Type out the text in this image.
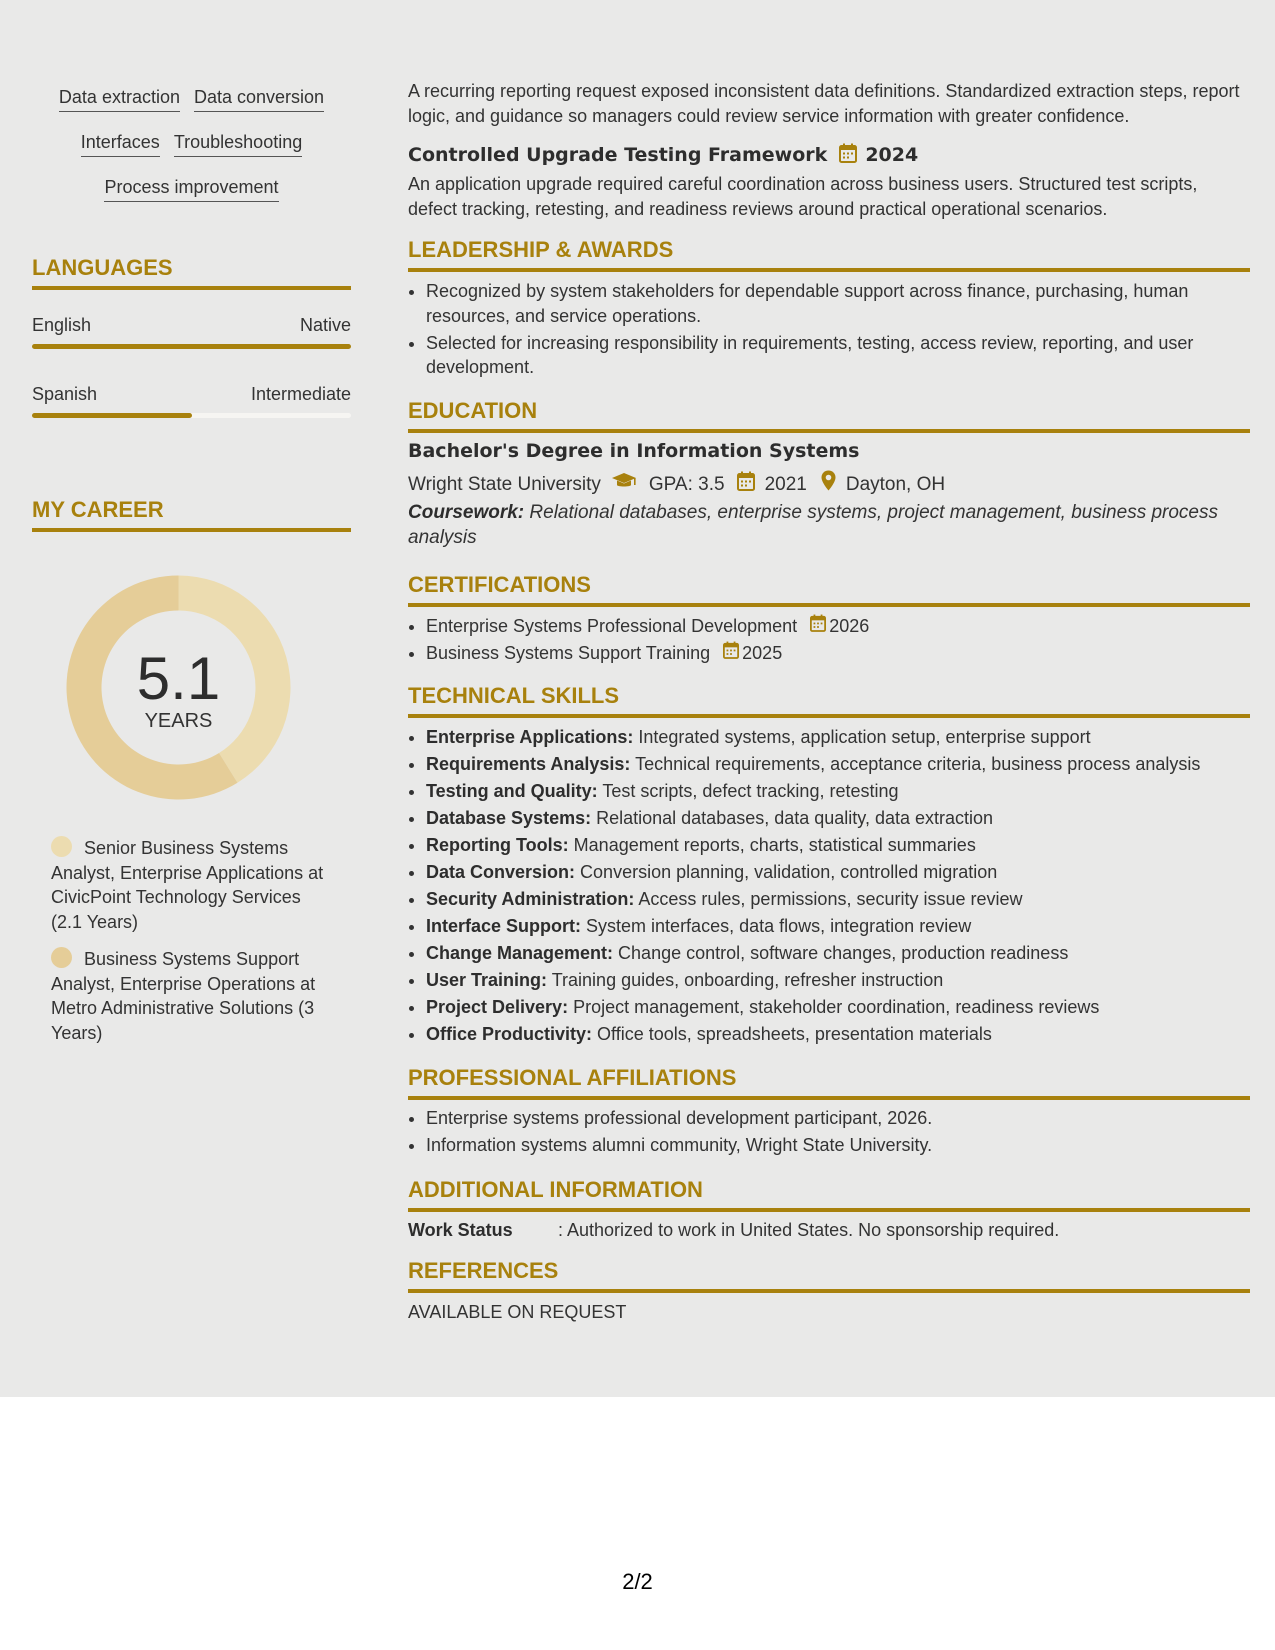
Data extraction Data conversion
Interfaces Troubleshooting
Process improvement
LANGUAGES
English	Native
Spanish	Intermediate
MY CAREER
5.1
YEARS
Senior Business Systems Analyst, Enterprise Applications at CivicPoint Technology Services (2.1 Years)
Business Systems Support Analyst, Enterprise Operations at Metro Administrative Solutions (3 Years)

A recurring reporting request exposed inconsistent data definitions. Standardized extraction steps, report logic, and guidance so managers could review service information with greater confidence.

Controlled Upgrade Testing Framework 2024

An application upgrade required careful coordination across business users. Structured test scripts, defect tracking, retesting, and readiness reviews around practical operational scenarios.

LEADERSHIP & AWARDS
• Recognized by system stakeholders for dependable support across finance, purchasing, human resources, and service operations.
• Selected for increasing responsibility in requirements, testing, access review, reporting, and user development.
EDUCATION
Bachelor's Degree in Information Systems
Wright State University	GPA: 3.5 2021 Dayton, OH

Coursework: Relational databases, enterprise systems, project management, business process analysis

CERTIFICATIONS
• Enterprise Systems Professional Development 2026
• Business Systems Support Training 2025
TECHNICAL SKILLS
• Enterprise Applications: Integrated systems, application setup, enterprise support
• Requirements Analysis: Technical requirements, acceptance criteria, business process analysis
• Testing and Quality: Test scripts, defect tracking, retesting
• Database Systems: Relational databases, data quality, data extraction
• Reporting Tools: Management reports, charts, statistical summaries
• Data Conversion: Conversion planning, validation, controlled migration
• Security Administration: Access rules, permissions, security issue review
• Interface Support: System interfaces, data flows, integration review
• Change Management: Change control, software changes, production readiness
• User Training: Training guides, onboarding, refresher instruction
• Project Delivery: Project management, stakeholder coordination, readiness reviews
• Office Productivity: Office tools, spreadsheets, presentation materials
PROFESSIONAL AFFILIATIONS
• Enterprise systems professional development participant, 2026.
• Information systems alumni community, Wright State University.
ADDITIONAL INFORMATION
Work Status	: Authorized to work in United States. No sponsorship required.
REFERENCES
AVAILABLE ON REQUEST
2/2
